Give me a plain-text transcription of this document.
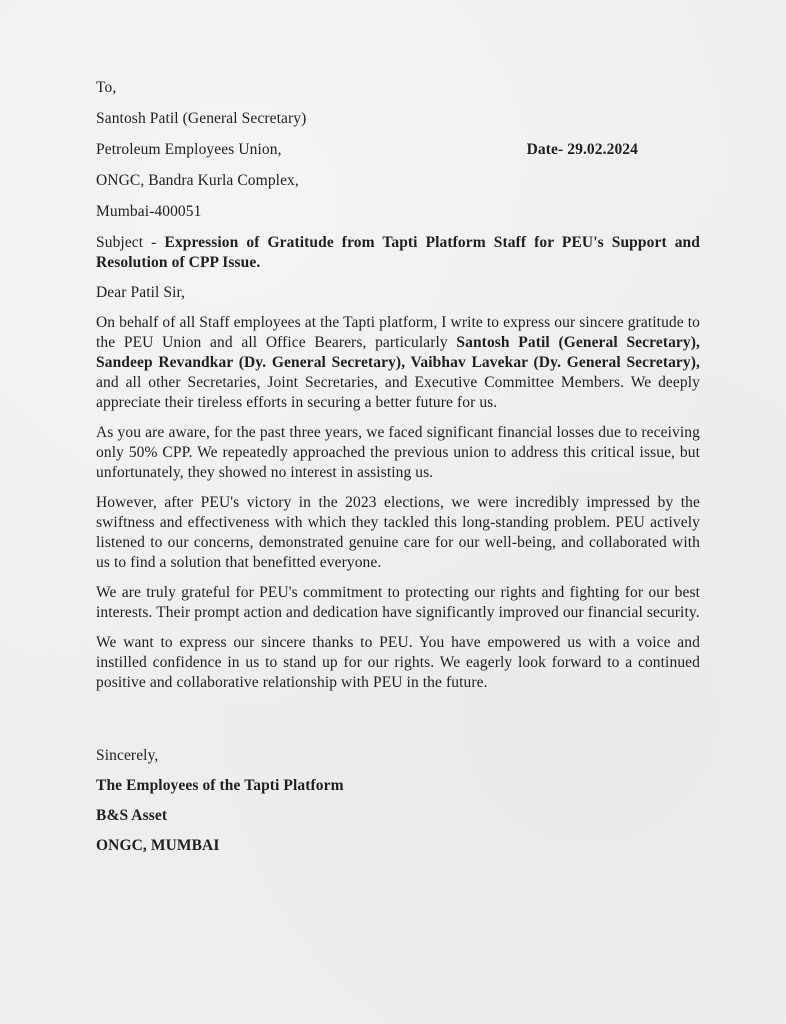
To,
Santosh Patil (General Secretary)
Petroleum Employees Union,	Date- 29.02.2024
ONGC, Bandra Kurla Complex,
Mumbai-400051

Subject - Expression of Gratitude from Tapti Platform Staff for PEU's Support and Resolution of CPP Issue.

Dear Patil Sir,

On behalf of all Staff employees at the Tapti platform, I write to express our sincere gratitude to the PEU Union and all Office Bearers, particularly Santosh Patil (General Secretary), Sandeep Revandkar (Dy. General Secretary), Vaibhav Lavekar (Dy. General Secretary), and all other Secretaries, Joint Secretaries, and Executive Committee Members. We deeply appreciate their tireless efforts in securing a better future for us.

As you are aware, for the past three years, we faced significant financial losses due to receiving only 50% CPP. We repeatedly approached the previous union to address this critical issue, but unfortunately, they showed no interest in assisting us.

However, after PEU's victory in the 2023 elections, we were incredibly impressed by the swiftness and effectiveness with which they tackled this long-standing problem. PEU actively listened to our concerns, demonstrated genuine care for our well-being, and collaborated with us to find a solution that benefitted everyone.

We are truly grateful for PEU's commitment to protecting our rights and fighting for our best interests. Their prompt action and dedication have significantly improved our financial security.

We want to express our sincere thanks to PEU. You have empowered us with a voice and instilled confidence in us to stand up for our rights. We eagerly look forward to a continued positive and collaborative relationship with PEU in the future.

Sincerely,
The Employees of the Tapti Platform
B&S Asset
ONGC, MUMBAI
